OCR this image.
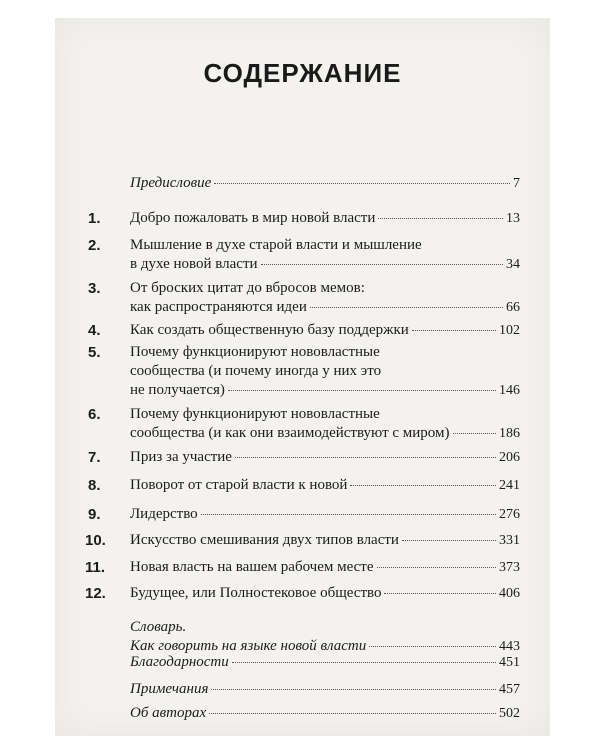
СОДЕРЖАНИЕ
Предисловие	7
1.	Добро пожаловать в мир новой власти	13
2.	Мышление в духе старой власти и мышление
в духе новой власти	34
3.	От броских цитат до вбросов мемов:
как распространяются идеи	66
4.	Как создать общественную базу поддержки	102
5.	Почему функционируют нововластные
сообщества (и почему иногда у них это
не получается)	146
6.	Почему функционируют нововластные
сообщества (и как они взаимодействуют с миром)	186
7.	Приз за участие	206
8.	Поворот от старой власти к новой	241
9.	Лидерство	276
10.	Искусство смешивания двух типов власти	331
11.	Новая власть на вашем рабочем месте	373
12.	Будущее, или Полностековое общество	406
Словарь.
Как говорить на языке новой власти	443
Благодарности	451
Примечания	457
Об авторах	502
